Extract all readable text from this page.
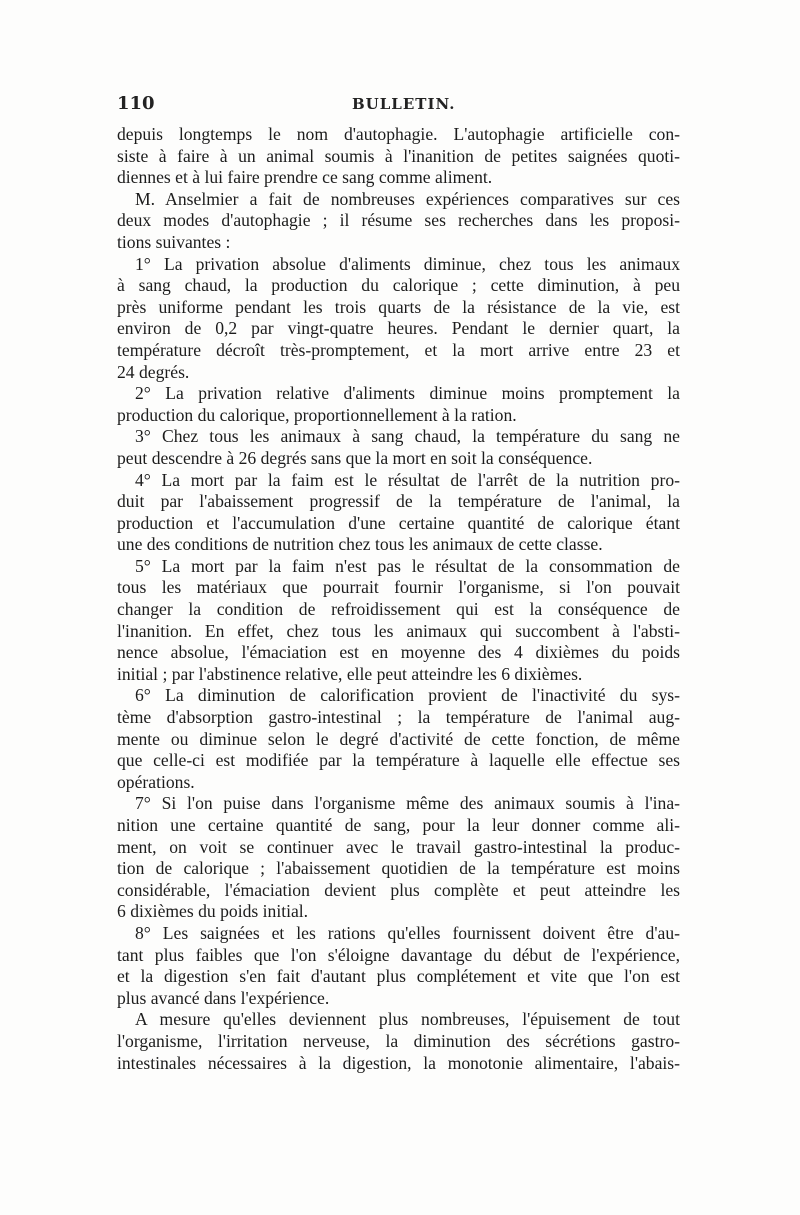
110	BULLETIN.
depuis longtemps le nom d'autophagie. L'autophagie artificielle con-
siste à faire à un animal soumis à l'inanition de petites saignées quoti-
diennes et à lui faire prendre ce sang comme aliment.
M. Anselmier a fait de nombreuses expériences comparatives sur ces
deux modes d'autophagie ; il résume ses recherches dans les proposi-
tions suivantes :
1° La privation absolue d'aliments diminue, chez tous les animaux
à sang chaud, la production du calorique ; cette diminution, à peu
près uniforme pendant les trois quarts de la résistance de la vie, est
environ de 0,2 par vingt-quatre heures. Pendant le dernier quart, la
température décroît très-promptement, et la mort arrive entre 23 et
24 degrés.
2° La privation relative d'aliments diminue moins promptement la
production du calorique, proportionnellement à la ration.
3° Chez tous les animaux à sang chaud, la température du sang ne
peut descendre à 26 degrés sans que la mort en soit la conséquence.
4° La mort par la faim est le résultat de l'arrêt de la nutrition pro-
duit par l'abaissement progressif de la température de l'animal, la
production et l'accumulation d'une certaine quantité de calorique étant
une des conditions de nutrition chez tous les animaux de cette classe.
5° La mort par la faim n'est pas le résultat de la consommation de
tous les matériaux que pourrait fournir l'organisme, si l'on pouvait
changer la condition de refroidissement qui est la conséquence de
l'inanition. En effet, chez tous les animaux qui succombent à l'absti-
nence absolue, l'émaciation est en moyenne des 4 dixièmes du poids
initial ; par l'abstinence relative, elle peut atteindre les 6 dixièmes.
6° La diminution de calorification provient de l'inactivité du sys-
tème d'absorption gastro-intestinal ; la température de l'animal aug-
mente ou diminue selon le degré d'activité de cette fonction, de même
que celle-ci est modifiée par la température à laquelle elle effectue ses
opérations.
7° Si l'on puise dans l'organisme même des animaux soumis à l'ina-
nition une certaine quantité de sang, pour la leur donner comme ali-
ment, on voit se continuer avec le travail gastro-intestinal la produc-
tion de calorique ; l'abaissement quotidien de la température est moins
considérable, l'émaciation devient plus complète et peut atteindre les
6 dixièmes du poids initial.
8° Les saignées et les rations qu'elles fournissent doivent être d'au-
tant plus faibles que l'on s'éloigne davantage du début de l'expérience,
et la digestion s'en fait d'autant plus complétement et vite que l'on est
plus avancé dans l'expérience.
A mesure qu'elles deviennent plus nombreuses, l'épuisement de tout
l'organisme, l'irritation nerveuse, la diminution des sécrétions gastro-
intestinales nécessaires à la digestion, la monotonie alimentaire, l'abais-
